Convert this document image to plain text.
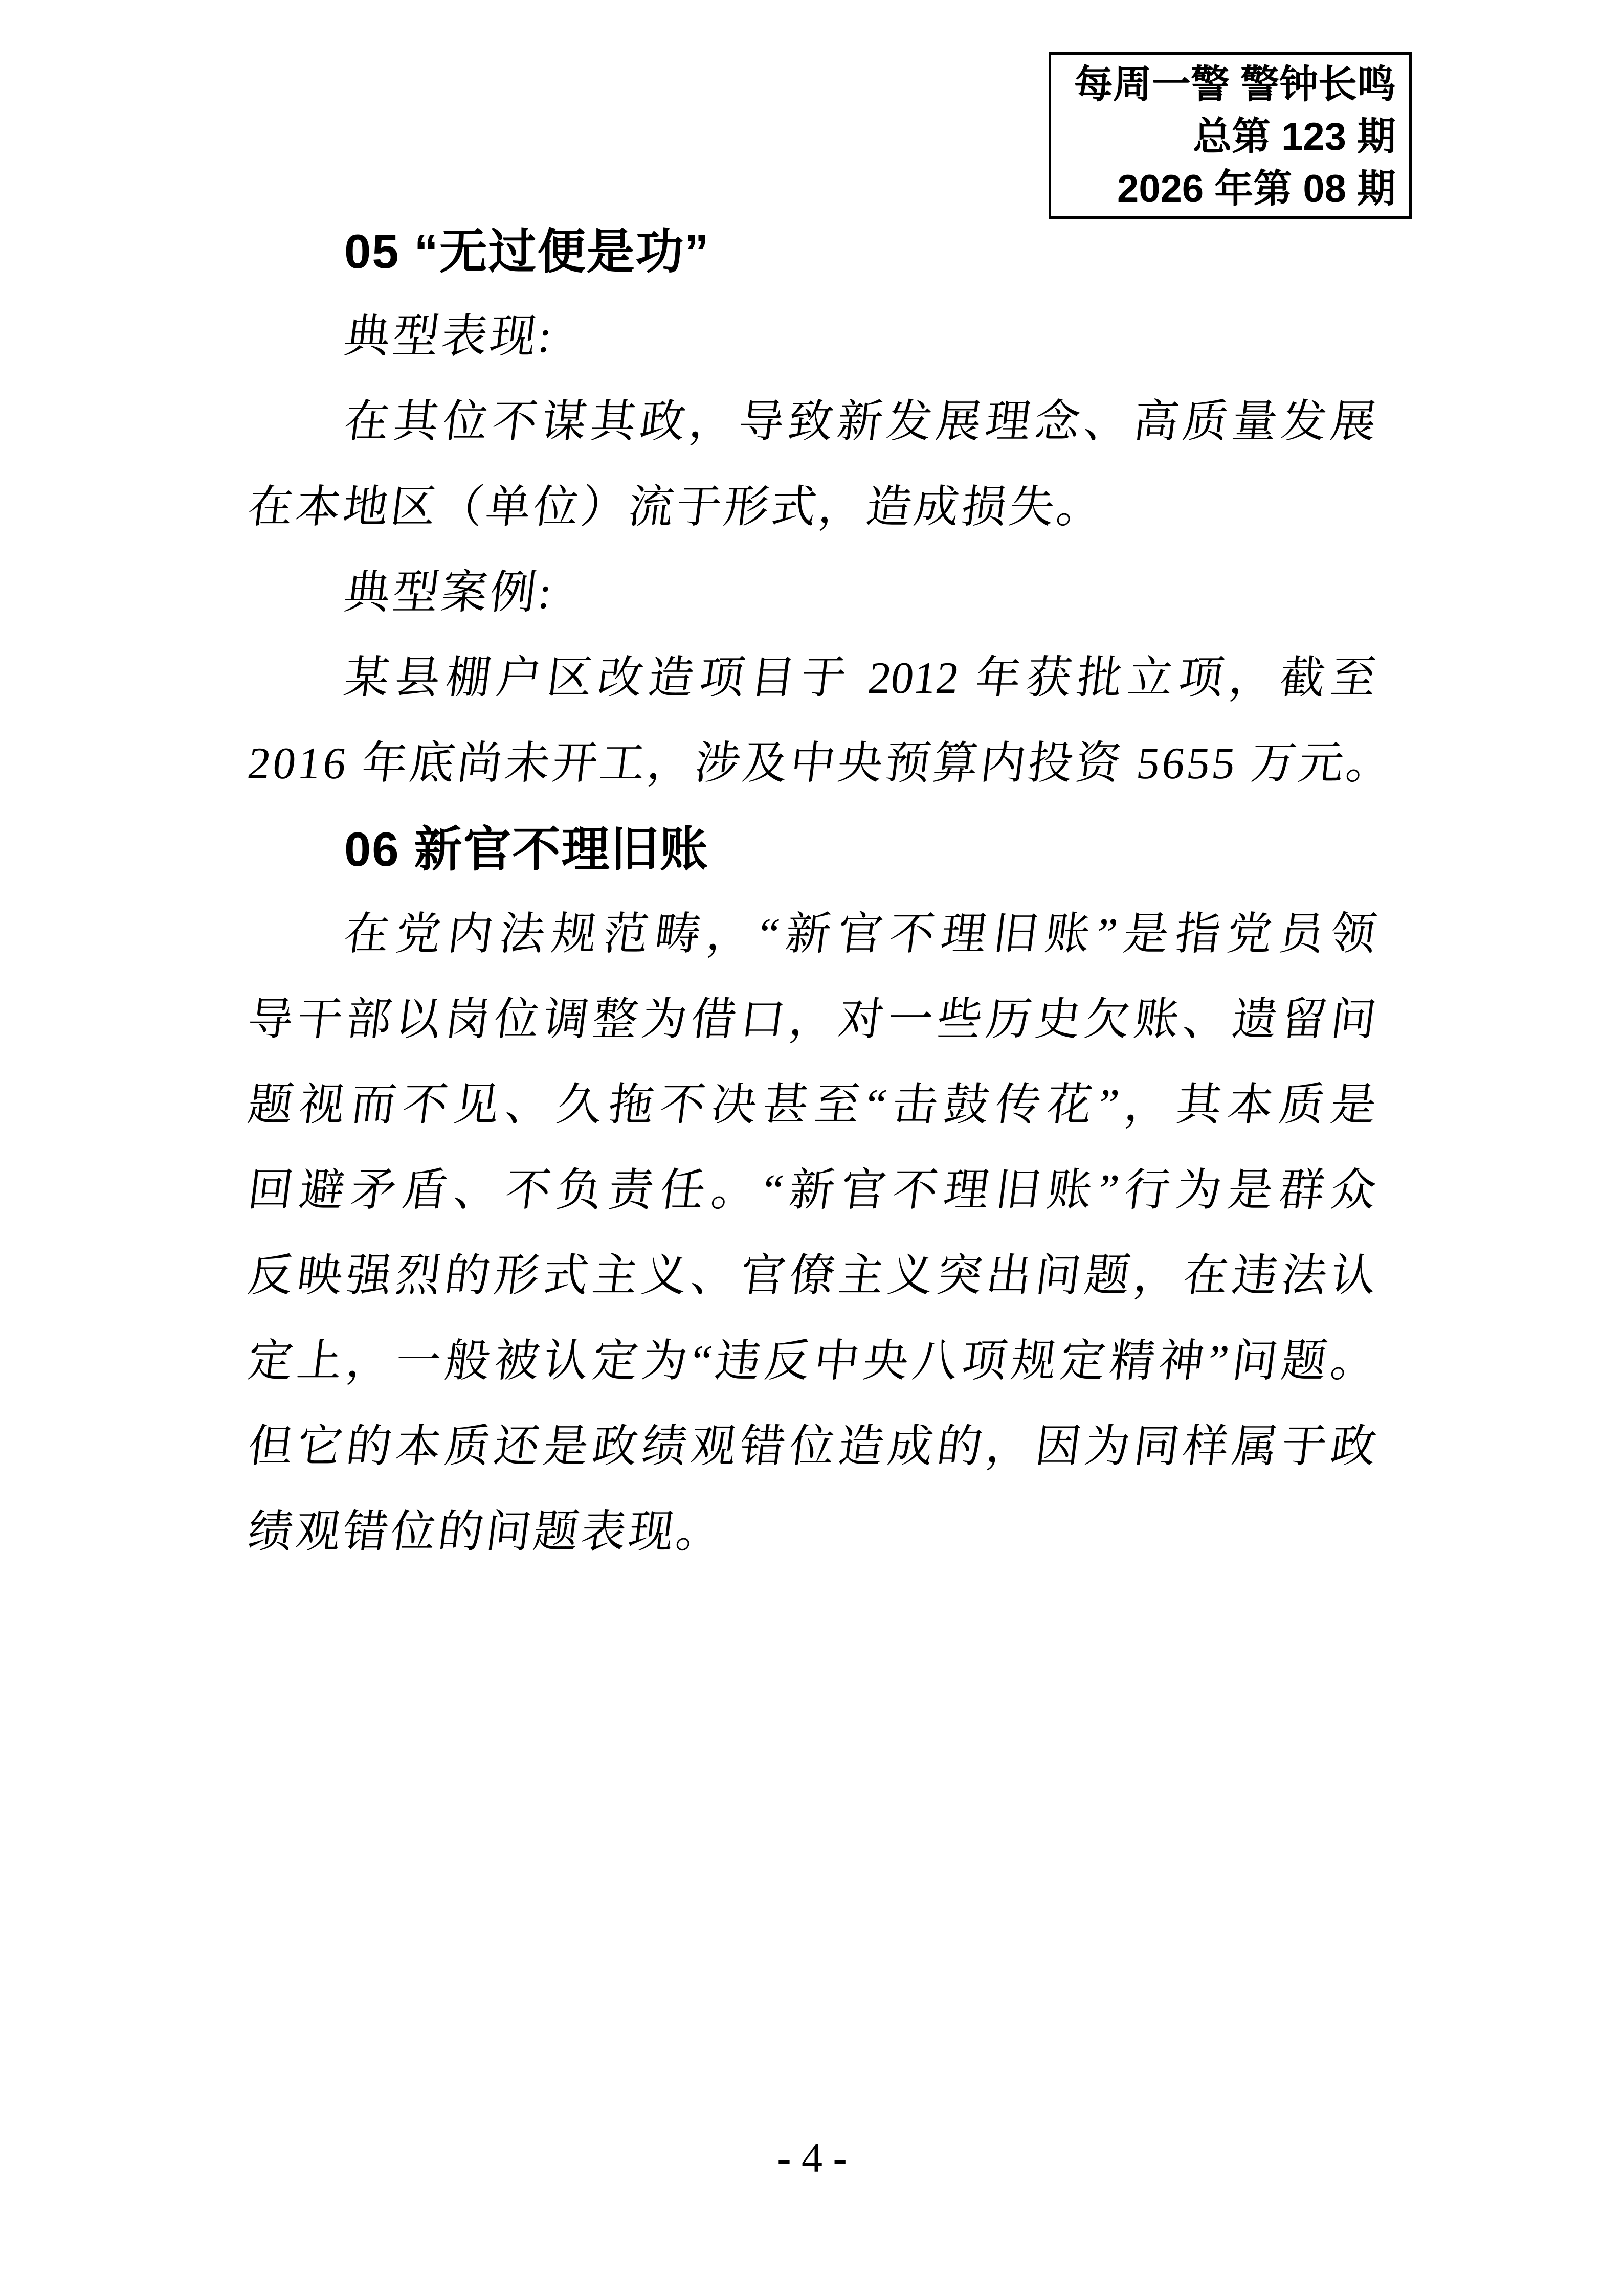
每周一警 警钟长鸣
总第 123 期
2026 年第 08 期
05 “无过便是功”
典型表现:
在其位不谋其政，导致新发展理念、高质量发展
在本地区（单位）流于形式，造成损失。
典型案例:
某县棚户区改造项目于 2012 年获批立项，截至
2016 年底尚未开工，涉及中央预算内投资 5655 万元。
06 新官不理旧账
在党内法规范畴，“新官不理旧账”是指党员领
导干部以岗位调整为借口，对一些历史欠账、遗留问
题视而不见、久拖不决甚至“击鼓传花”，其本质是
回避矛盾、不负责任。“新官不理旧账”行为是群众
反映强烈的形式主义、官僚主义突出问题，在违法认
定上，一般被认定为“违反中央八项规定精神”问题。
但它的本质还是政绩观错位造成的，因为同样属于政
绩观错位的问题表现。
- 4 -
